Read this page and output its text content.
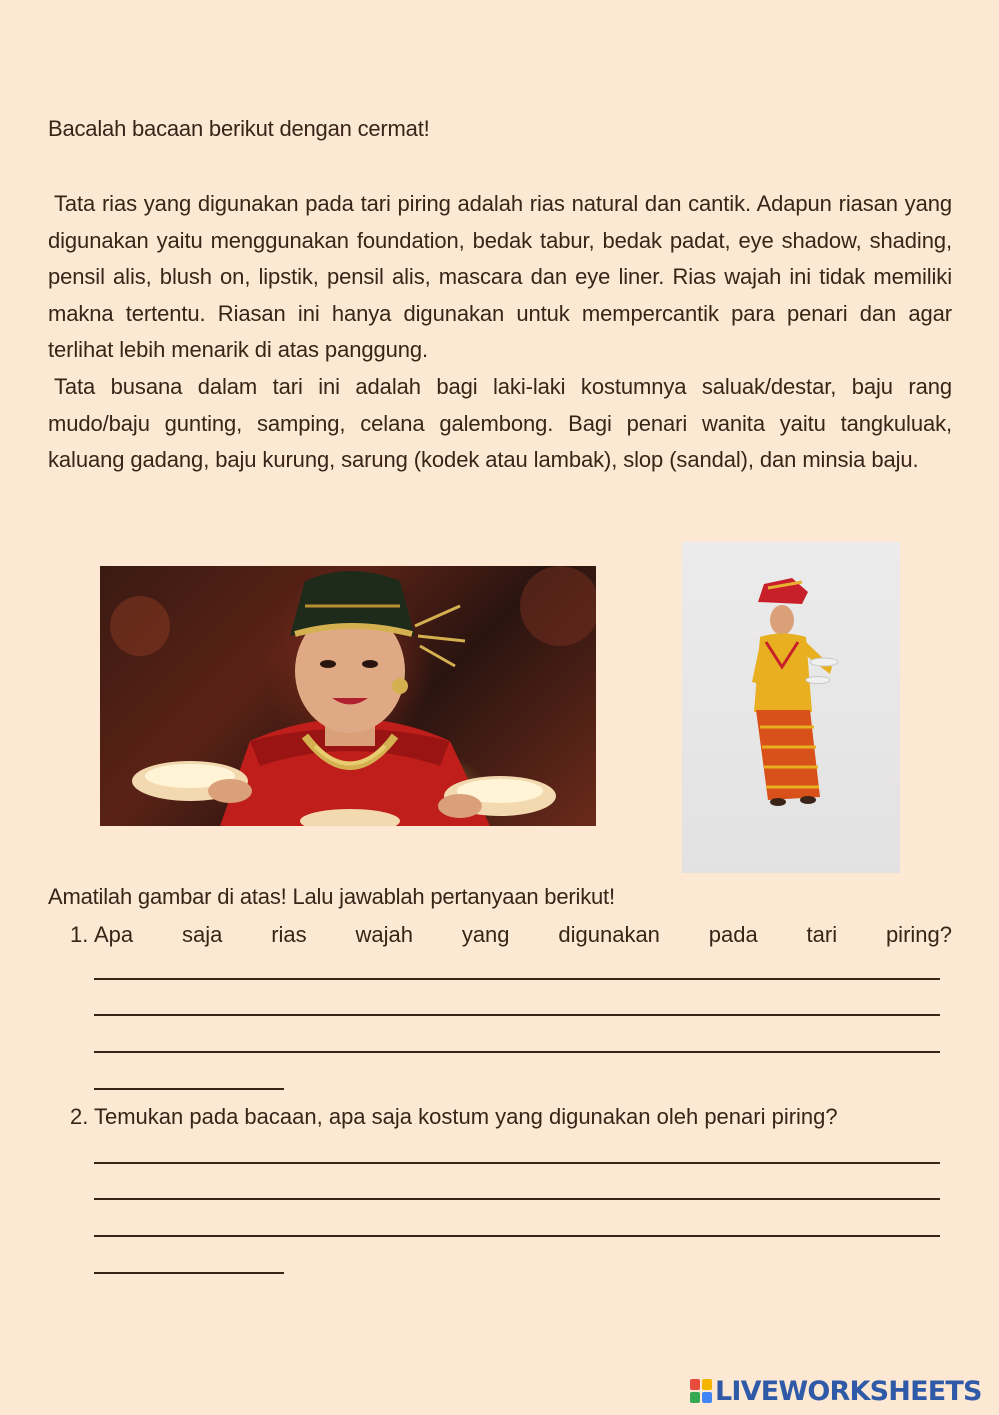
Bacalah bacaan berikut dengan cermat!

Tata rias yang digunakan pada tari piring adalah rias natural dan cantik. Adapun riasan yang digunakan yaitu menggunakan foundation, bedak tabur, bedak padat, eye shadow, shading, pensil alis, blush on, lipstik, pensil alis, mascara dan eye liner. Rias wajah ini tidak memiliki makna tertentu. Riasan ini hanya digunakan untuk mempercantik para penari dan agar terlihat lebih menarik di atas panggung.

Tata busana dalam tari ini adalah bagi laki-laki kostumnya saluak/destar, baju rang mudo/baju gunting, samping, celana galembong. Bagi penari wanita yaitu tangkuluak, kaluang gadang, baju kurung, sarung (kodek atau lambak), slop (sandal), dan minsia baju.

Amatilah gambar di atas! Lalu jawablah pertanyaan berikut!
1. Apa saja rias wajah yang digunakan pada tari piring?
2. Temukan pada bacaan, apa saja kostum yang digunakan oleh penari piring?
LIVEWORKSHEETS
